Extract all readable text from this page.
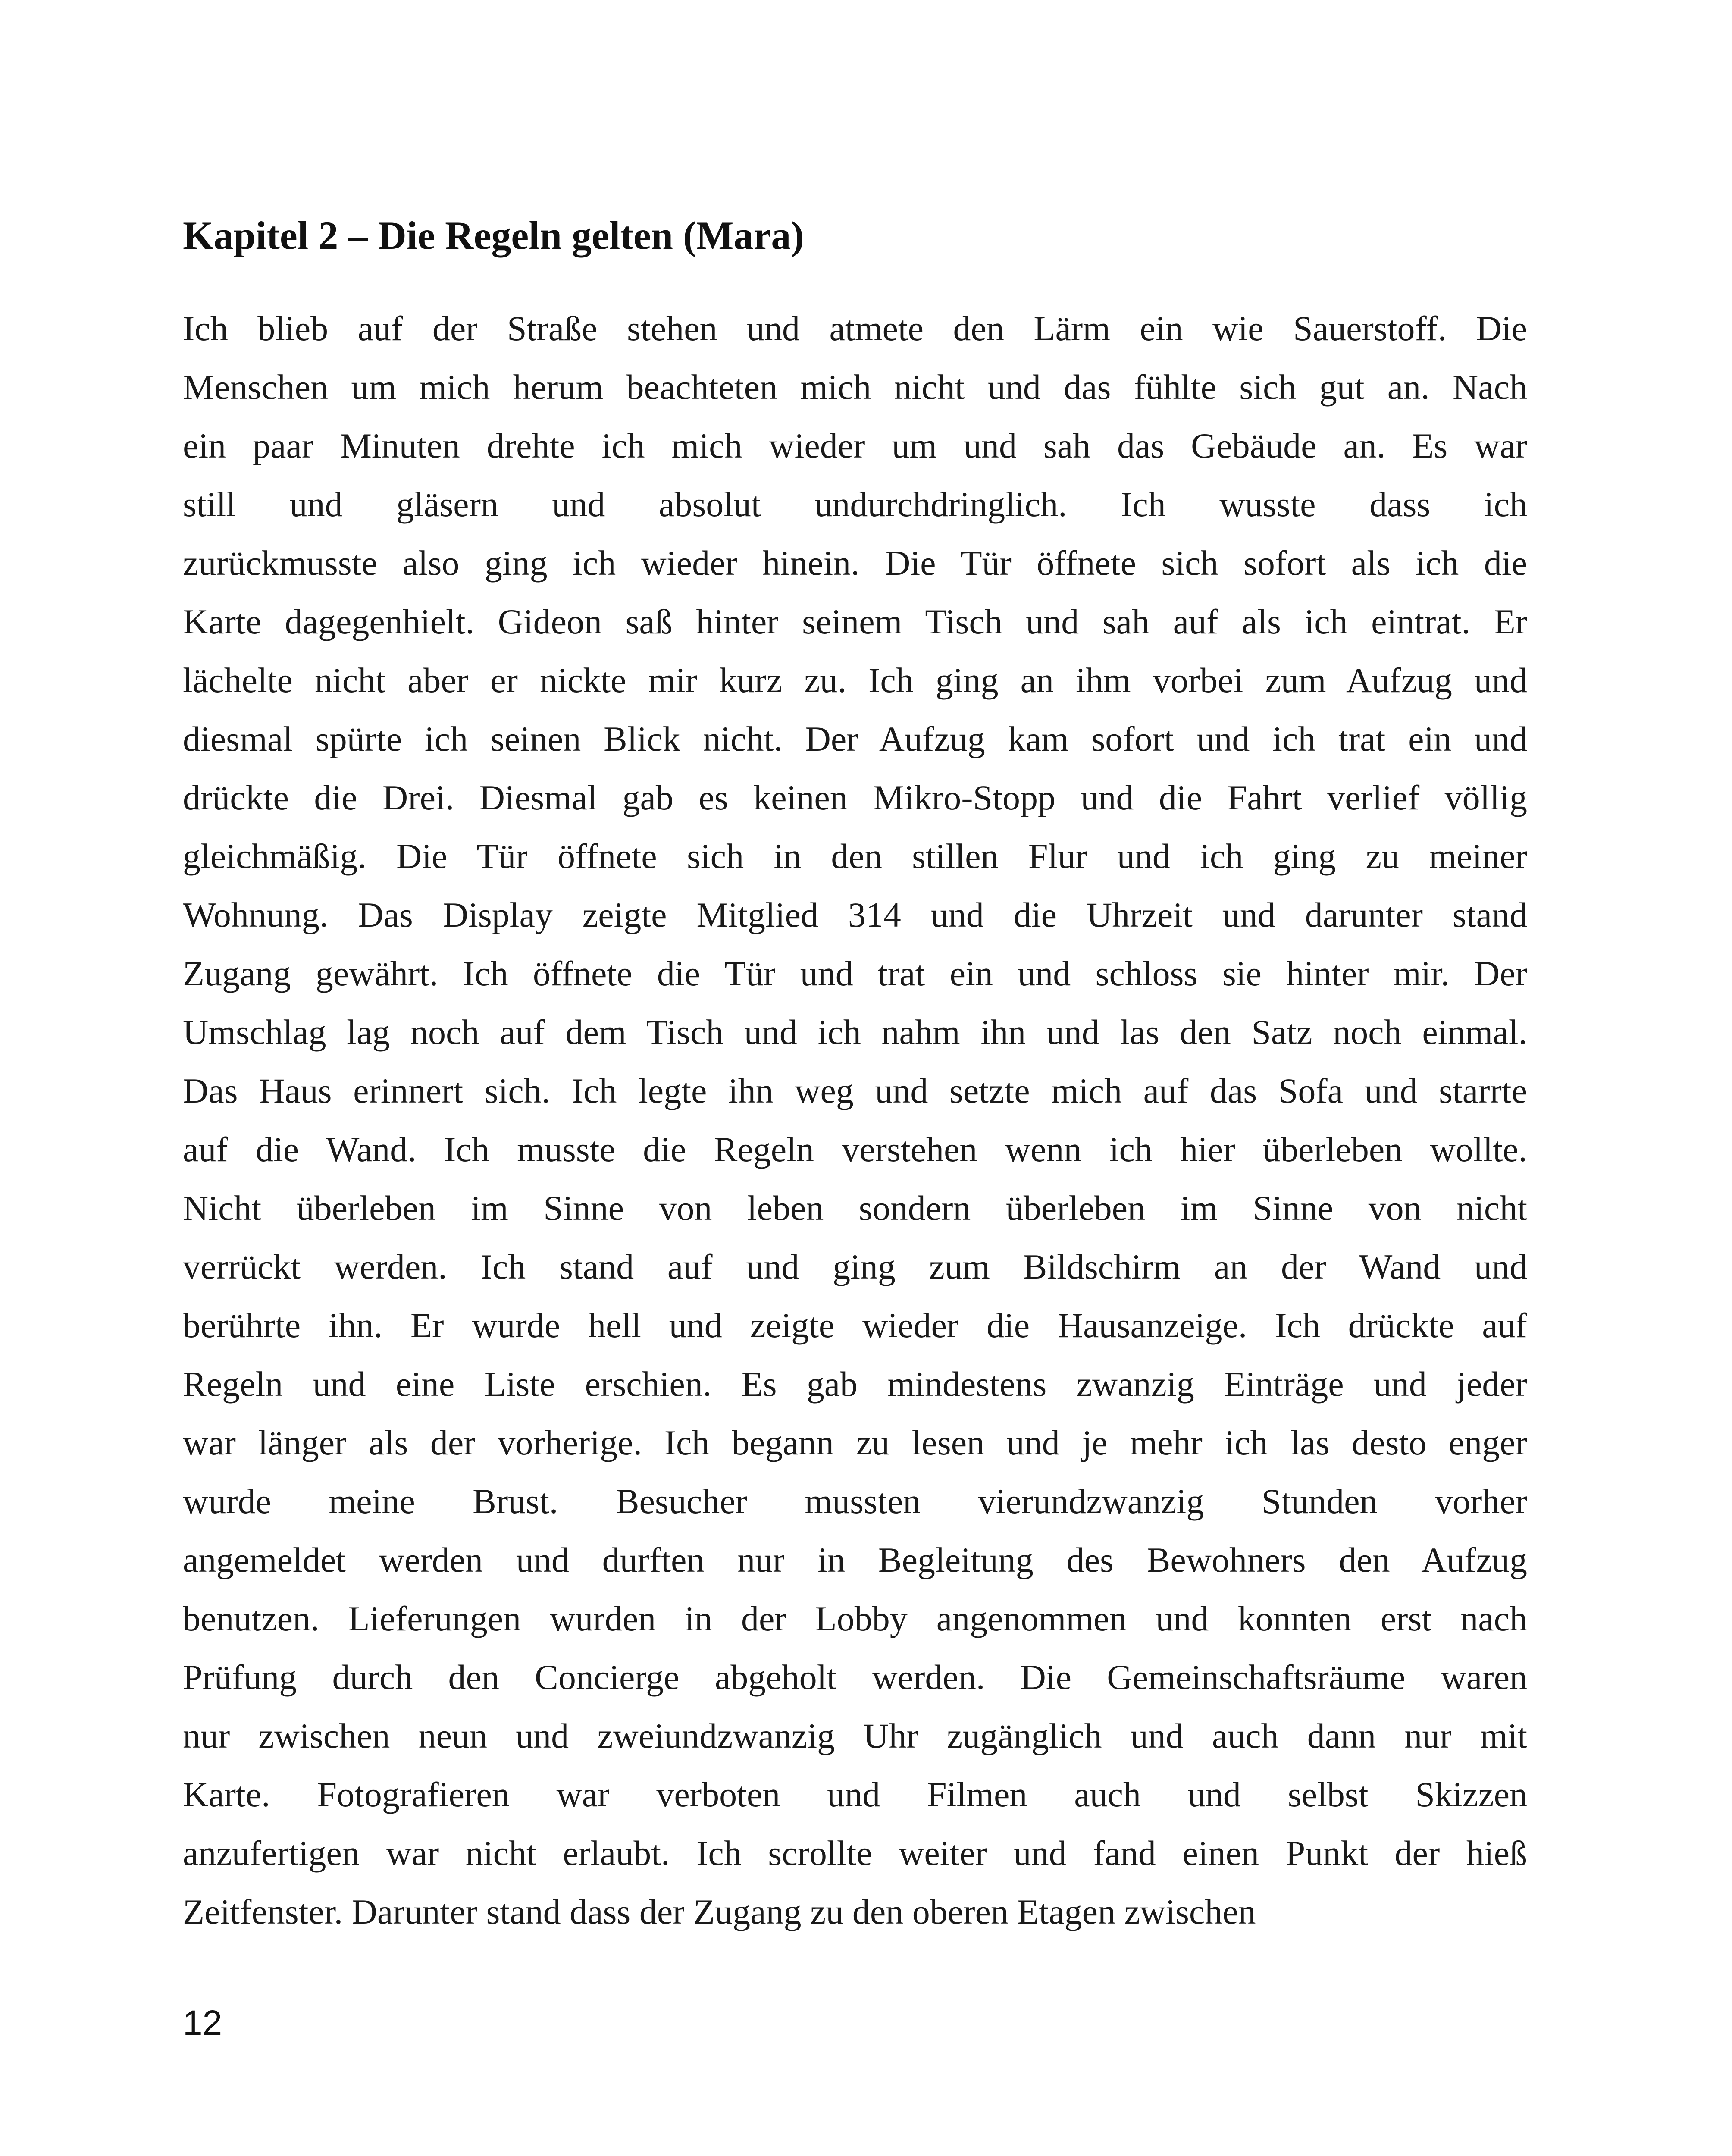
Kapitel 2 – Die Regeln gelten (Mara)
Ich blieb auf der Straße stehen und atmete den Lärm ein wie Sauerstoff. Die
Menschen um mich herum beachteten mich nicht und das fühlte sich gut an. Nach
ein paar Minuten drehte ich mich wieder um und sah das Gebäude an. Es war
still und gläsern und absolut undurchdringlich. Ich wusste dass ich
zurückmusste also ging ich wieder hinein. Die Tür öffnete sich sofort als ich die
Karte dagegenhielt. Gideon saß hinter seinem Tisch und sah auf als ich eintrat. Er
lächelte nicht aber er nickte mir kurz zu. Ich ging an ihm vorbei zum Aufzug und
diesmal spürte ich seinen Blick nicht. Der Aufzug kam sofort und ich trat ein und
drückte die Drei. Diesmal gab es keinen Mikro-Stopp und die Fahrt verlief völlig
gleichmäßig. Die Tür öffnete sich in den stillen Flur und ich ging zu meiner
Wohnung. Das Display zeigte Mitglied 314 und die Uhrzeit und darunter stand
Zugang gewährt. Ich öffnete die Tür und trat ein und schloss sie hinter mir. Der
Umschlag lag noch auf dem Tisch und ich nahm ihn und las den Satz noch einmal.
Das Haus erinnert sich. Ich legte ihn weg und setzte mich auf das Sofa und starrte
auf die Wand. Ich musste die Regeln verstehen wenn ich hier überleben wollte.
Nicht überleben im Sinne von leben sondern überleben im Sinne von nicht
verrückt werden. Ich stand auf und ging zum Bildschirm an der Wand und
berührte ihn. Er wurde hell und zeigte wieder die Hausanzeige. Ich drückte auf
Regeln und eine Liste erschien. Es gab mindestens zwanzig Einträge und jeder
war länger als der vorherige. Ich begann zu lesen und je mehr ich las desto enger
wurde meine Brust. Besucher mussten vierundzwanzig Stunden vorher
angemeldet werden und durften nur in Begleitung des Bewohners den Aufzug
benutzen. Lieferungen wurden in der Lobby angenommen und konnten erst nach
Prüfung durch den Concierge abgeholt werden. Die Gemeinschaftsräume waren
nur zwischen neun und zweiundzwanzig Uhr zugänglich und auch dann nur mit
Karte. Fotografieren war verboten und Filmen auch und selbst Skizzen
anzufertigen war nicht erlaubt. Ich scrollte weiter und fand einen Punkt der hieß
Zeitfenster. Darunter stand dass der Zugang zu den oberen Etagen zwischen

12
